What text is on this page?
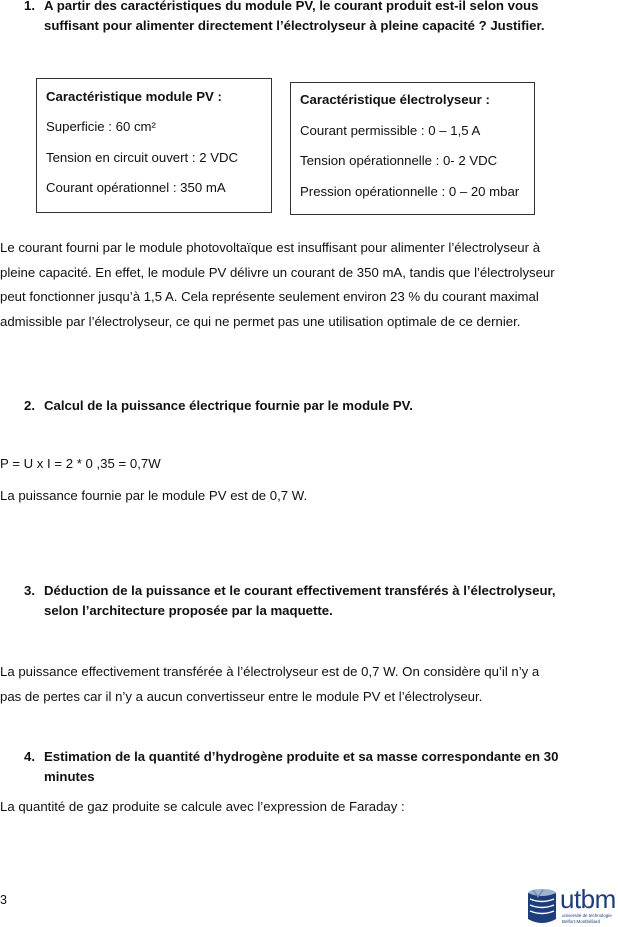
1. A partir des caractéristiques du module PV, le courant produit est-il selon vous
suffisant pour alimenter directement l’électrolyseur à pleine capacité ? Justifier.
Caractéristique module PV :
Superficie : 60 cm²
Tension en circuit ouvert : 2 VDC
Courant opérationnel : 350 mA
Caractéristique électrolyseur :
Courant permissible : 0 – 1,5 A
Tension opérationnelle : 0- 2 VDC
Pression opérationnelle : 0 – 20 mbar
Le courant fourni par le module photovoltaïque est insuffisant pour alimenter l’électrolyseur à
pleine capacité. En effet, le module PV délivre un courant de 350 mA, tandis que l’électrolyseur
peut fonctionner jusqu’à 1,5 A. Cela représente seulement environ 23 % du courant maximal
admissible par l’électrolyseur, ce qui ne permet pas une utilisation optimale de ce dernier.
2. Calcul de la puissance électrique fournie par le module PV.
P = U x I = 2 * 0 ,35 = 0,7W
La puissance fournie par le module PV est de 0,7 W.
3. Déduction de la puissance et le courant effectivement transférés à l’électrolyseur,
selon l’architecture proposée par la maquette.
La puissance effectivement transférée à l’électrolyseur est de 0,7 W. On considère qu’il n’y a
pas de pertes car il n’y a aucun convertisseur entre le module PV et l’électrolyseur.
4. Estimation de la quantité d’hydrogène produite et sa masse correspondante en 30
minutes
La quantité de gaz produite se calcule avec l’expression de Faraday :
3	utbm
université de technologie
Belfort-Montbéliard
